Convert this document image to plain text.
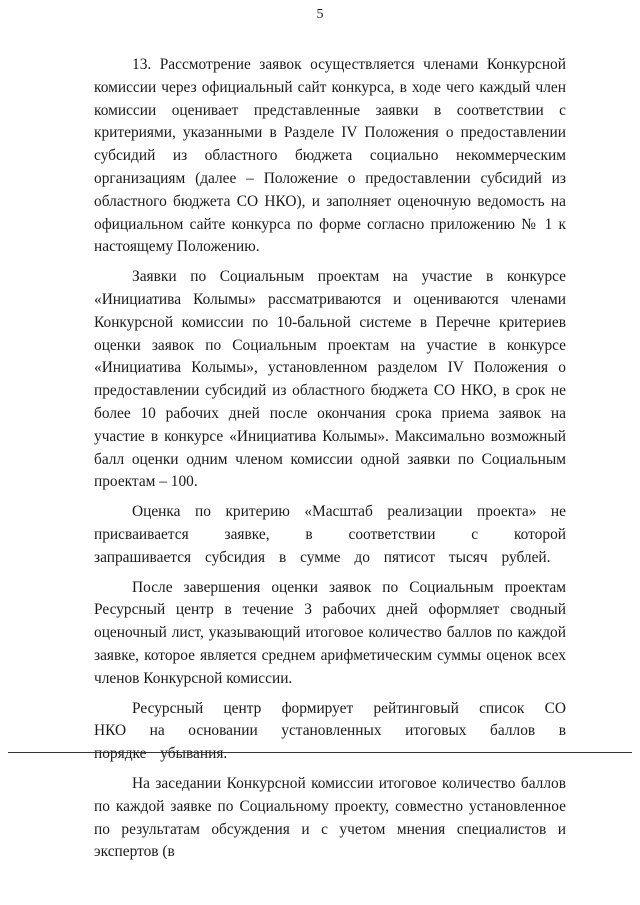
5

13. Рассмотрение заявок осуществляется членами Конкурсной комиссии через официальный сайт конкурса, в ходе чего каждый член комиссии оценивает представленные заявки в соответствии с критериями, указанными в Разделе IV Положения о предоставлении субсидий из областного бюджета социально некоммерческим организациям (далее – Положение о предоставлении субсидий из областного бюджета СО НКО), и заполняет оценочную ведомость на официальном сайте конкурса по форме согласно приложению № 1 к настоящему Положению.

Заявки по Социальным проектам на участие в конкурсе «Инициатива Колымы» рассматриваются и оцениваются членами Конкурсной комиссии по 10-бальной системе в Перечне критериев оценки заявок по Социальным проектам на участие в конкурсе «Инициатива Колымы», установленном разделом IV Положения о предоставлении субсидий из областного бюджета СО НКО, в срок не более 10 рабочих дней после окончания срока приема заявок на участие в конкурсе «Инициатива Колымы». Максимально возможный балл оценки одним членом комиссии одной заявки по Социальным проектам – 100.

Оценка по критерию «Масштаб реализации проекта» не присваивается заявке, в соответствии с которой запрашивается субсидия в сумме до пятисот тысяч рублей.

После завершения оценки заявок по Социальным проектам Ресурсный центр в течение 3 рабочих дней оформляет сводный оценочный лист, указывающий итоговое количество баллов по каждой заявке, которое является среднем арифметическим суммы оценок всех членов Конкурсной комиссии.

Ресурсный центр формирует рейтинговый список СО НКО на основании установленных итоговых баллов в порядке убывания.

На заседании Конкурсной комиссии итоговое количество баллов по каждой заявке по Социальному проекту, совместно установленное по результатам обсуждения и с учетом мнения специалистов и экспертов (в
